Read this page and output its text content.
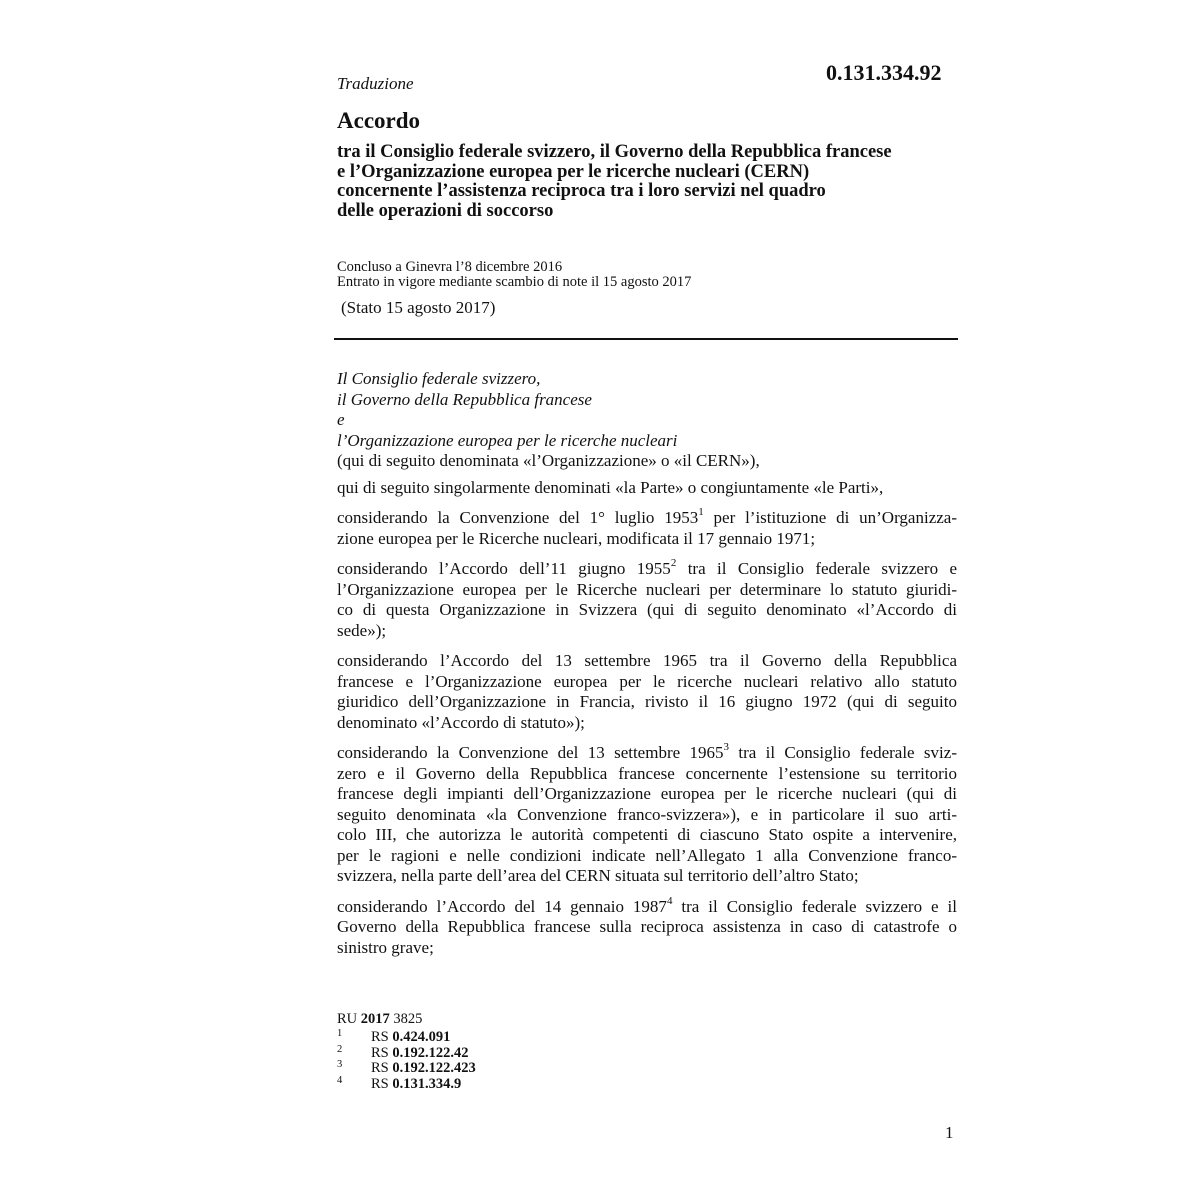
Traduzione	0.131.334.92
Accordo
tra il Consiglio federale svizzero, il Governo della Repubblica francese
e l’Organizzazione europea per le ricerche nucleari (CERN)
concernente l’assistenza reciproca tra i loro servizi nel quadro
delle operazioni di soccorso
Concluso a Ginevra l’8 dicembre 2016
Entrato in vigore mediante scambio di note il 15 agosto 2017
(Stato 15 agosto 2017)
Il Consiglio federale svizzero,
il Governo della Repubblica francese
e
l’Organizzazione europea per le ricerche nucleari
(qui di seguito denominata «l’Organizzazione» o «il CERN»),
qui di seguito singolarmente denominati «la Parte» o congiuntamente «le Parti»,
considerando la Convenzione del 1° luglio 1953$^1$ per l’istituzione di un’Organizza-
zione europea per le Ricerche nucleari, modificata il 17 gennaio 1971;
considerando l’Accordo dell’11 giugno 1955$^2$ tra il Consiglio federale svizzero e
l’Organizzazione europea per le Ricerche nucleari per determinare lo statuto giuridi-
co di questa Organizzazione in Svizzera (qui di seguito denominato «l’Accordo di
sede»);
considerando l’Accordo del 13 settembre 1965 tra il Governo della Repubblica
francese e l’Organizzazione europea per le ricerche nucleari relativo allo statuto
giuridico dell’Organizzazione in Francia, rivisto il 16 giugno 1972 (qui di seguito
denominato «l’Accordo di statuto»);
considerando la Convenzione del 13 settembre 1965$^3$ tra il Consiglio federale sviz-
zero e il Governo della Repubblica francese concernente l’estensione su territorio
francese degli impianti dell’Organizzazione europea per le ricerche nucleari (qui di
seguito denominata «la Convenzione franco-svizzera»), e in particolare il suo arti-
colo III, che autorizza le autorità competenti di ciascuno Stato ospite a intervenire,
per le ragioni e nelle condizioni indicate nell’Allegato 1 alla Convenzione franco-
svizzera, nella parte dell’area del CERN situata sul territorio dell’altro Stato;
considerando l’Accordo del 14 gennaio 1987$^4$ tra il Consiglio federale svizzero e il
Governo della Repubblica francese sulla reciproca assistenza in caso di catastrofe o
sinistro grave;
RU 2017 3825
1 RS 0.424.091
2 RS 0.192.122.42
3 RS 0.192.122.423
4 RS 0.131.334.9
1
